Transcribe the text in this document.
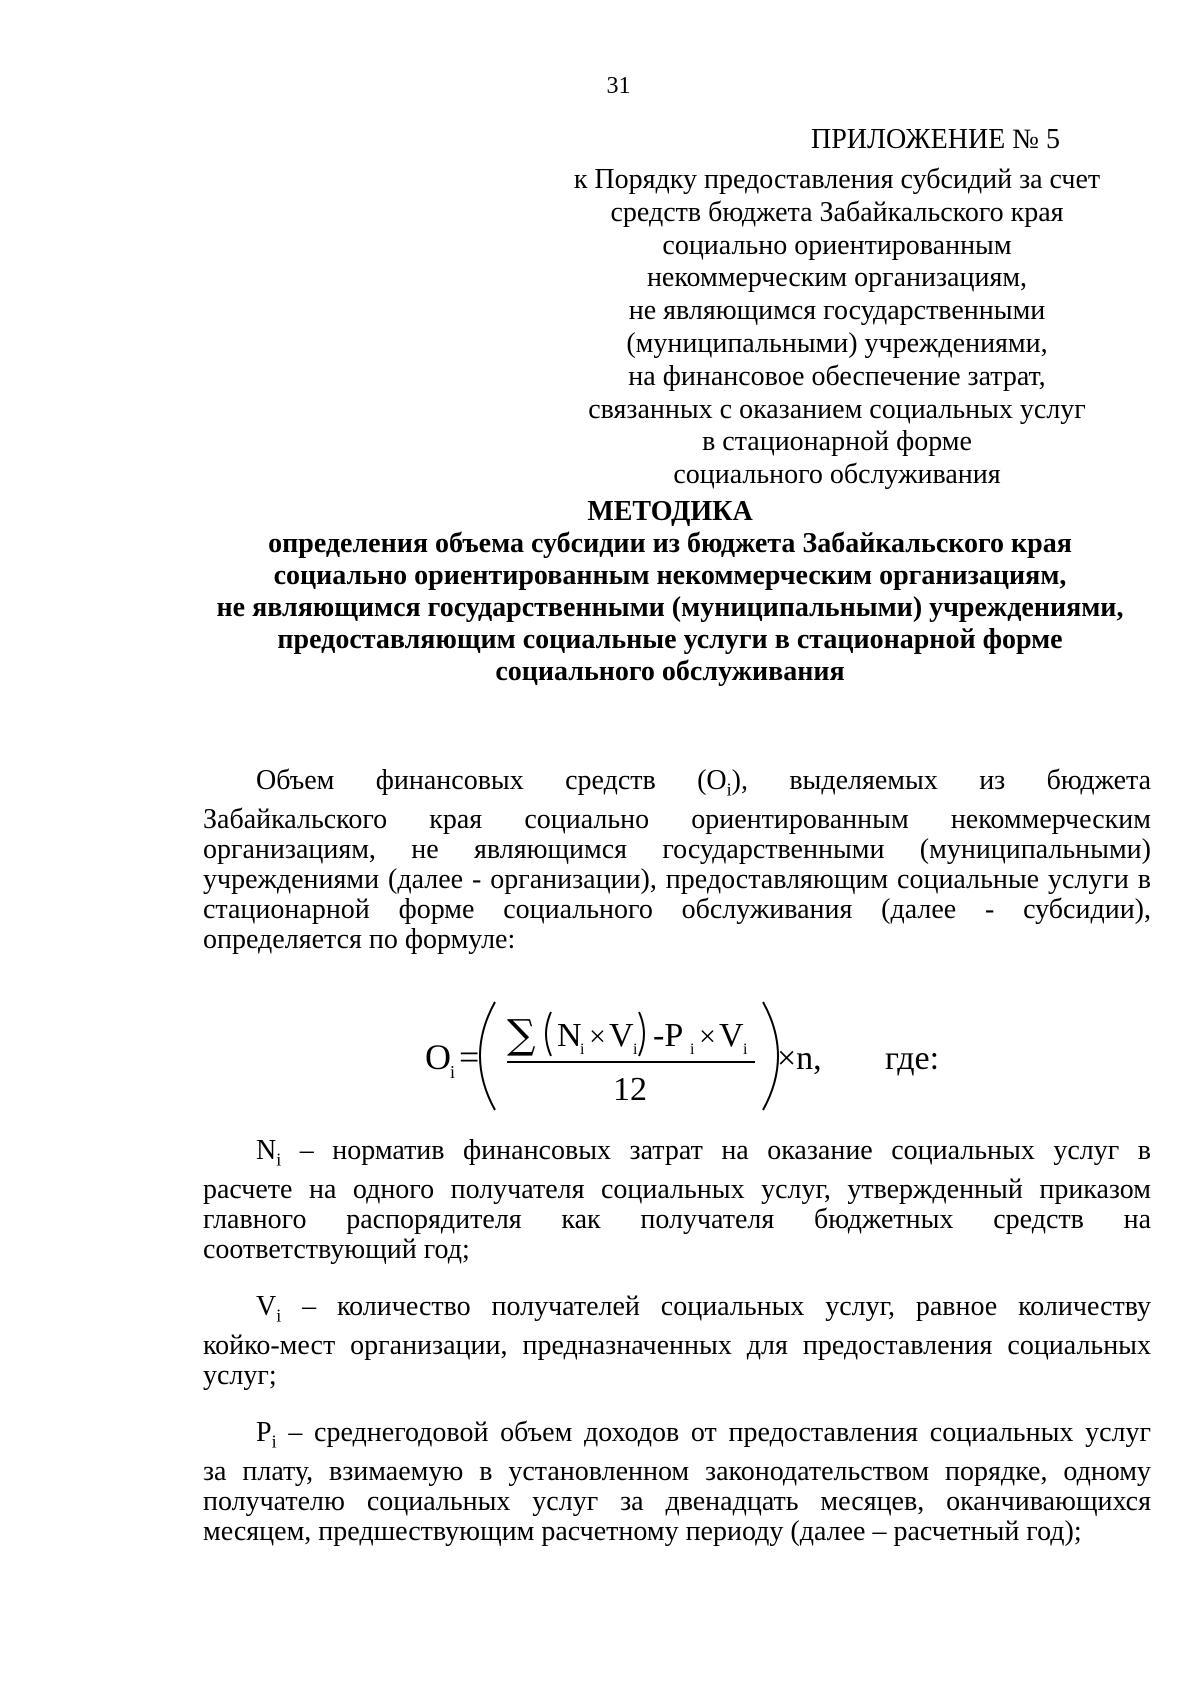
31
ПРИЛОЖЕНИЕ № 5
к Порядку предоставления субсидий за счет
средств бюджета Забайкальского края
социально ориентированным
некоммерческим организациям,
не являющимся государственными
(муниципальными) учреждениями,
на финансовое обеспечение затрат,
связанных с оказанием социальных услуг
в стационарной форме
социального обслуживания
МЕТОДИКА
определения объема субсидии из бюджета Забайкальского края
социально ориентированным некоммерческим организациям,
не являющимся государственными (муниципальными) учреждениями,
предоставляющим социальные услуги в стационарной форме
социального обслуживания
Объем финансовых средств $(O_i)$, выделяемых из бюджета
Забайкальского края социально ориентированным некоммерческим
организациям, не являющимся государственными (муниципальными)
учреждениями (далее - организации), предоставляющим социальные услуги в
стационарной форме социального обслуживания (далее - субсидии),
определяется по формуле:
O i = ∑ N
i × V i -P i × V i
12
×n, где:
$N_i$ – норматив финансовых затрат на оказание социальных услуг в
расчете на одного получателя социальных услуг, утвержденный приказом
главного распорядителя как получателя бюджетных средств на
соответствующий год;
$V_i$ – количество получателей социальных услуг, равное количеству
койко-мест организации, предназначенных для предоставления социальных
услуг;
$P_i$ – среднегодовой объем доходов от предоставления социальных услуг
за плату, взимаемую в установленном законодательством порядке, одному
получателю социальных услуг за двенадцать месяцев, оканчивающихся
месяцем, предшествующим расчетному периоду (далее – расчетный год);
